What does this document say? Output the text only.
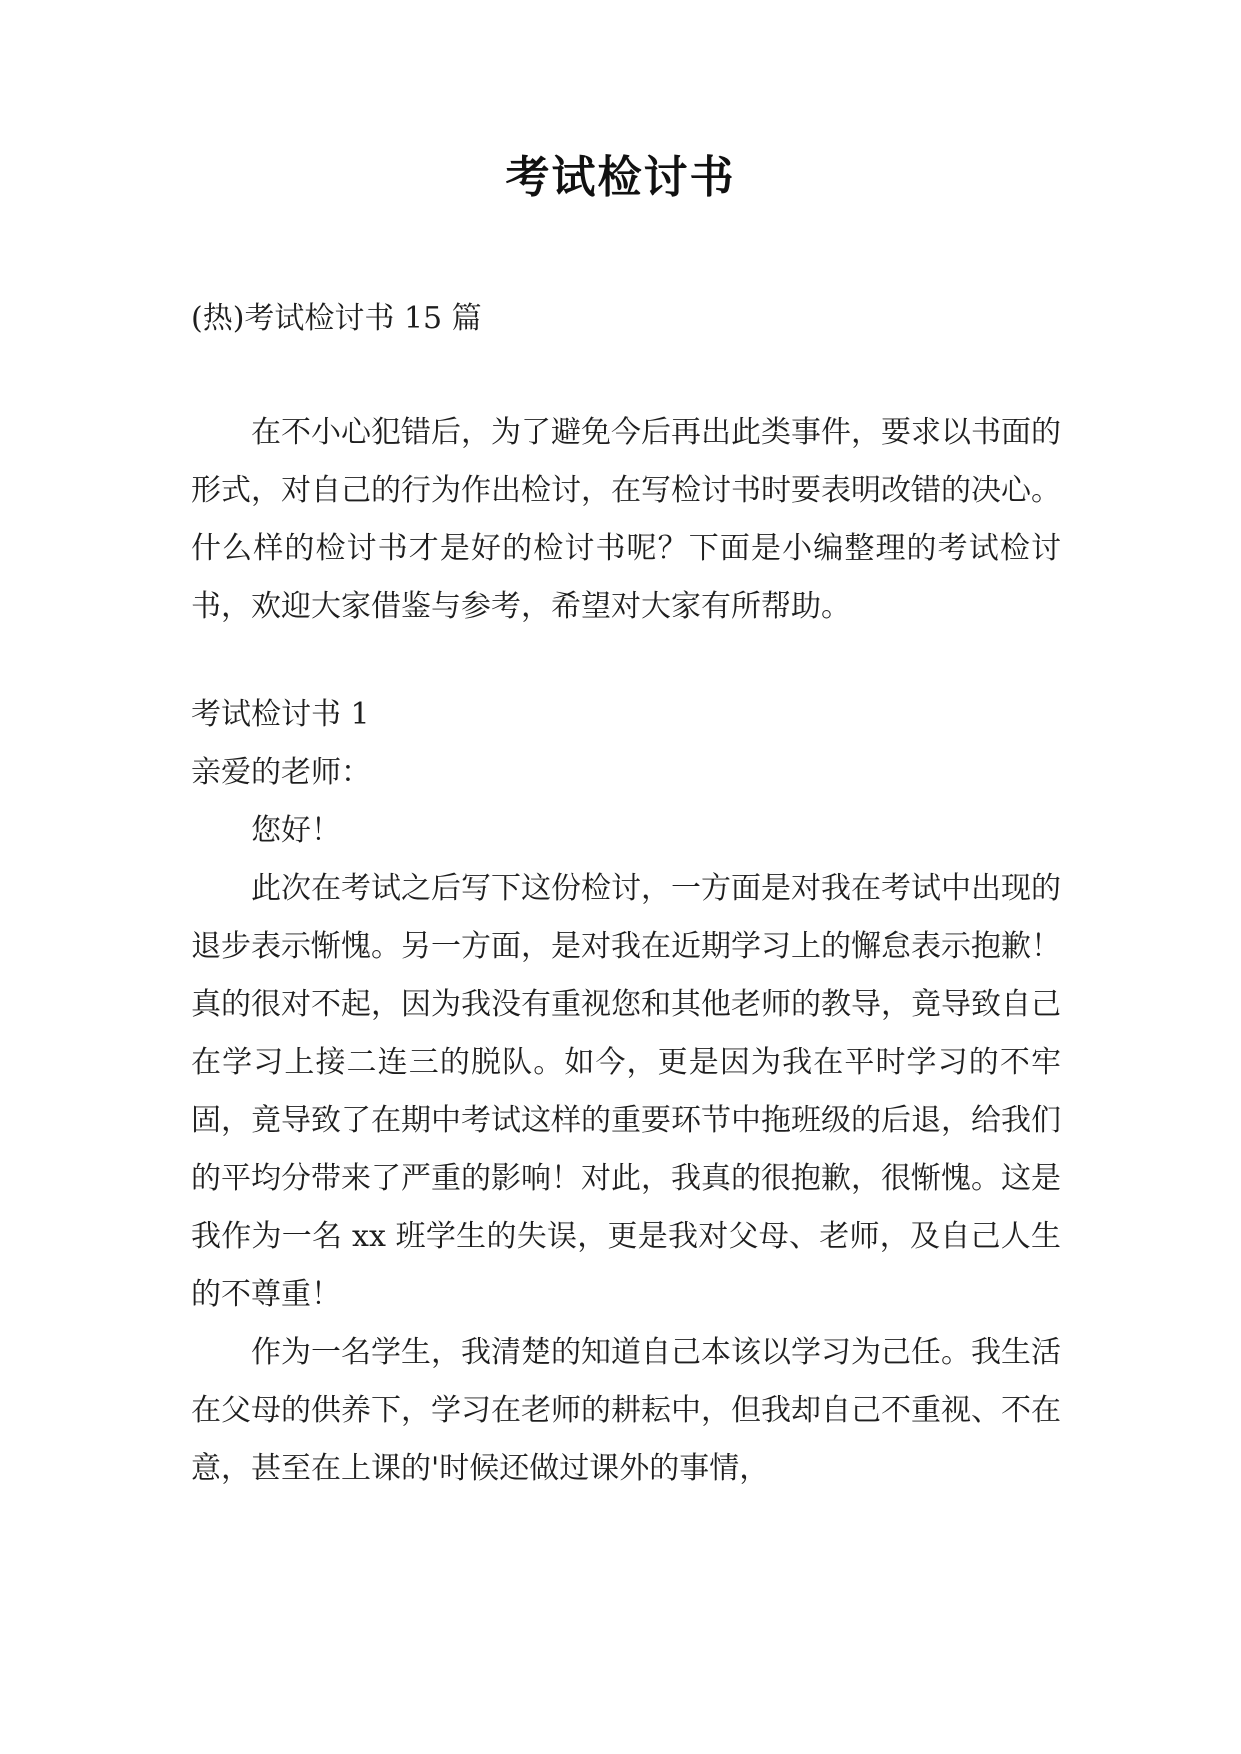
考试检讨书

(热)考试检讨书 15 篇

在不小心犯错后，为了避免今后再出此类事件，要求以书面的形式，对自己的行为作出检讨，在写检讨书时要表明改错的决心。什么样的检讨书才是好的检讨书呢？下面是小编整理的考试检讨书，欢迎大家借鉴与参考，希望对大家有所帮助。

考试检讨书 1

亲爱的老师：

您好！

此次在考试之后写下这份检讨，一方面是对我在考试中出现的退步表示惭愧。另一方面，是对我在近期学习上的懈怠表示抱歉！真的很对不起，因为我没有重视您和其他老师的教导，竟导致自己在学习上接二连三的脱队。如今，更是因为我在平时学习的不牢固，竟导致了在期中考试这样的重要环节中拖班级的后退，给我们的平均分带来了严重的影响！对此，我真的很抱歉，很惭愧。这是我作为一名 xx 班学生的失误，更是我对父母、老师，及自己人生的不尊重！

作为一名学生，我清楚的知道自己本该以学习为己任。我生活在父母的供养下，学习在老师的耕耘中，但我却自己不重视、不在意，甚至在上课的'时候还做过课外的事情，
